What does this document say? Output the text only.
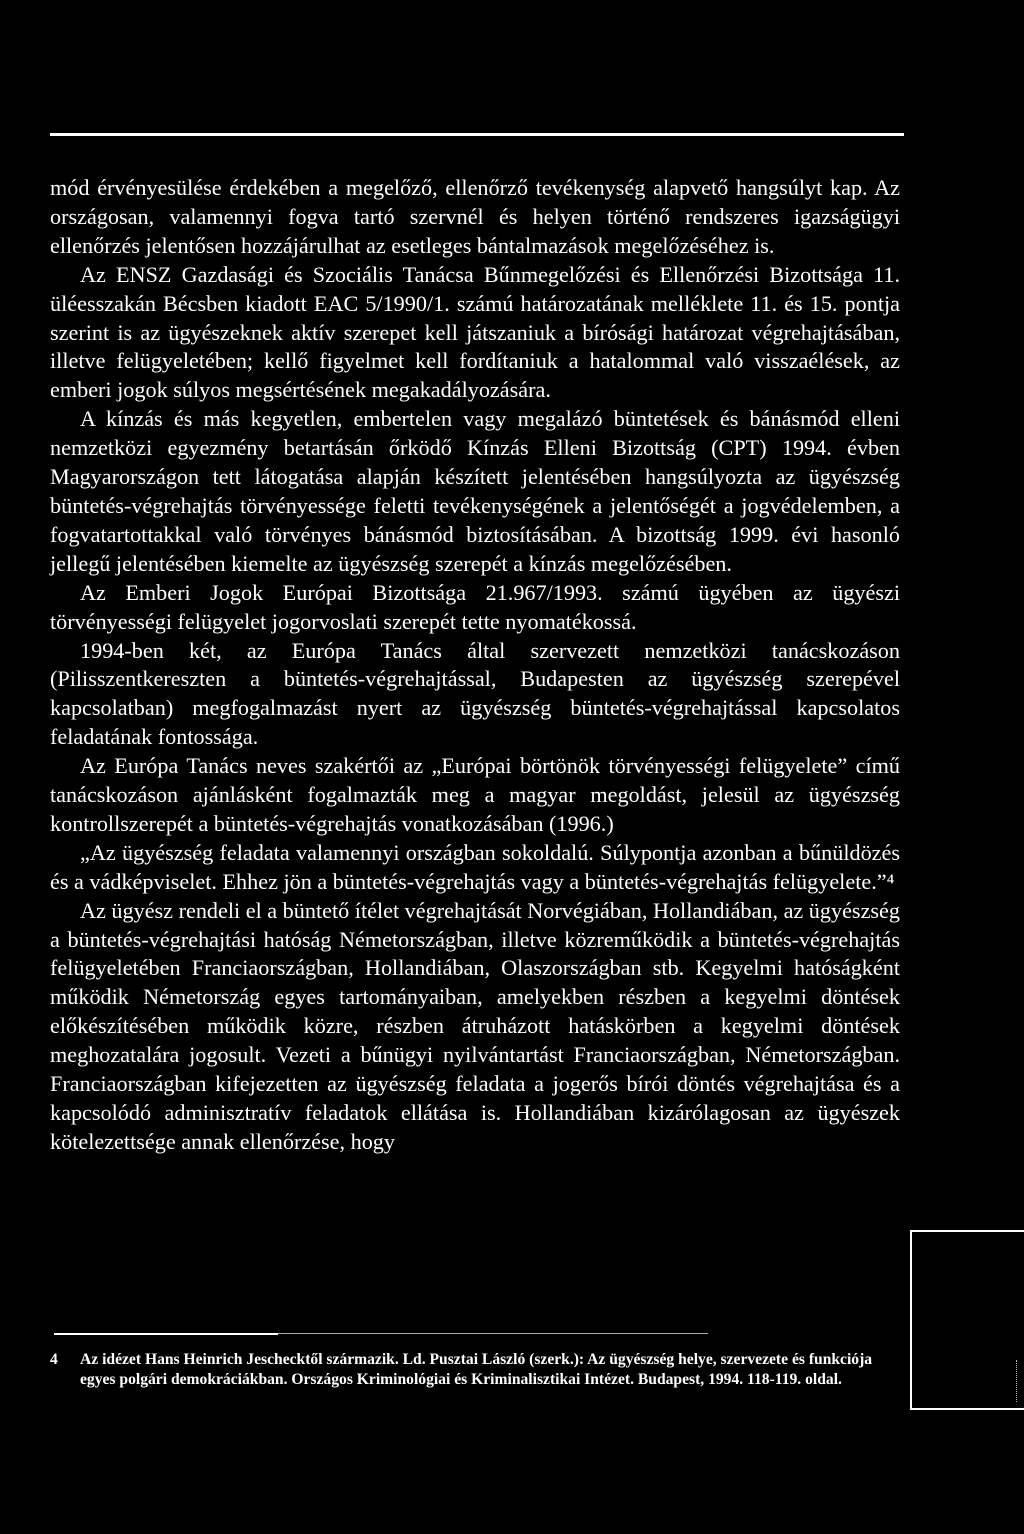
mód érvényesülése érdekében a megelőző, ellenőrző tevékenység alapvető hangsúlyt kap. Az országosan, valamennyi fogva tartó szervnél és helyen történő rendszeres igazságügyi ellenőrzés jelentősen hozzájárulhat az esetleges bántalmazások megelőzéséhez is.

Az ENSZ Gazdasági és Szociális Tanácsa Bűnmegelőzési és Ellenőrzési Bizottsága 11. üléesszakán Bécsben kiadott EAC 5/1990/1. számú határozatának melléklete 11. és 15. pontja szerint is az ügyészeknek aktív szerepet kell játszaniuk a bírósági határozat végrehajtásában, illetve felügyeletében; kellő figyelmet kell fordítaniuk a hatalommal való visszaélések, az emberi jogok súlyos megsértésének megakadályozására.

A kínzás és más kegyetlen, embertelen vagy megalázó büntetések és bánásmód elleni nemzetközi egyezmény betartásán őrködő Kínzás Elleni Bizottság (CPT) 1994. évben Magyarországon tett látogatása alapján készített jelentésében hangsúlyozta az ügyészség büntetés-végrehajtás törvényessége feletti tevékenységének a jelentőségét a jogvédelemben, a fogvatartottakkal való törvényes bánásmód biztosításában. A bizottság 1999. évi hasonló jellegű jelentésében kiemelte az ügyészség szerepét a kínzás megelőzésében.

Az Emberi Jogok Európai Bizottsága 21.967/1993. számú ügyében az ügyészi törvényességi felügyelet jogorvoslati szerepét tette nyomatékossá.

1994-ben két, az Európa Tanács által szervezett nemzetközi tanácskozáson (Pilisszentkereszten a büntetés-végrehajtással, Budapesten az ügyészség szerepével kapcsolatban) megfogalmazást nyert az ügyészség büntetés-végrehajtással kapcsolatos feladatának fontossága.

Az Európa Tanács neves szakértői az „Európai börtönök törvényességi felügyelete” című tanácskozáson ajánlásként fogalmazták meg a magyar megoldást, jelesül az ügyészség kontrollszerepét a büntetés-végrehajtás vonatkozásában (1996.)

„Az ügyészség feladata valamennyi országban sokoldalú. Súlypontja azonban a bűnüldözés és a vádképviselet. Ehhez jön a büntetés-végrehajtás vagy a büntetés-végrehajtás felügyelete.”⁴

Az ügyész rendeli el a büntető ítélet végrehajtását Norvégiában, Hollandiában, az ügyészség a büntetés-végrehajtási hatóság Németországban, illetve közreműködik a büntetés-végrehajtás felügyeletében Franciaországban, Hollandiában, Olaszországban stb. Kegyelmi hatóságként működik Németország egyes tartományaiban, amelyekben részben a kegyelmi döntések előkészítésében működik közre, részben átruházott hatáskörben a kegyelmi döntések meghozatalára jogosult. Vezeti a bűnügyi nyilvántartást Franciaországban, Németországban. Franciaországban kifejezetten az ügyészség feladata a jogerős bírói döntés végrehajtása és a kapcsolódó adminisztratív feladatok ellátása is. Hollandiában kizárólagosan az ügyészek kötelezettsége annak ellenőrzése, hogy

4 Az idézet Hans Heinrich Jeschecktől származik. Ld. Pusztai László (szerk.): Az ügyészség helye, szervezete és funkciója egyes polgári demokráciákban. Országos Kriminológiai és Kriminalisztikai Intézet. Budapest, 1994. 118-119. oldal.
